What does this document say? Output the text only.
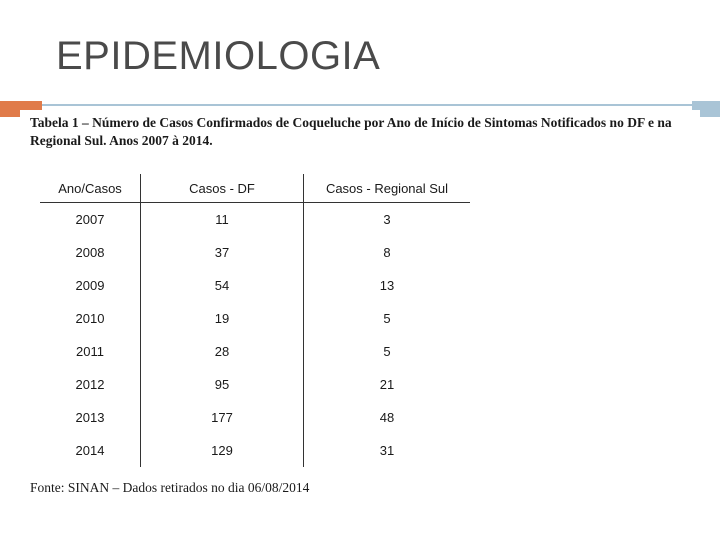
EPIDEMIOLOGIA
Tabela 1 – Número de Casos Confirmados de Coqueluche por Ano de Início de Sintomas Notificados no DF e na Regional Sul. Anos 2007 à 2014.
Ano/Casos	Casos - DF	Casos - Regional Sul
2007	11	3
2008	37	8
2009	54	13
2010	19	5
2011	28	5
2012	95	21
2013	177	48
2014	129	31
Fonte: SINAN – Dados retirados no dia 06/08/2014
